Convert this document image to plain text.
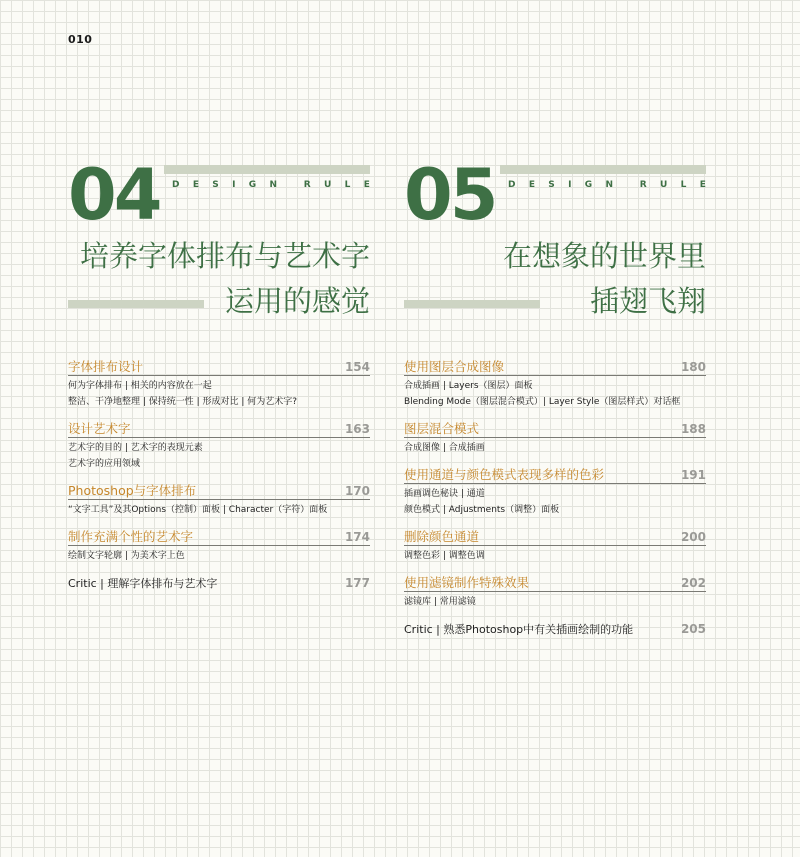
010
04 D E S I G N	R U L E
培养字体排布与艺术字
运用的感觉
05 D E S I G N	R U L E
在想象的世界里
插翅飞翔
字体排布设计	154
何为字体排布 | 相关的内容放在一起
整洁、干净地整理 | 保持统一性 | 形成对比 | 何为艺术字?
设计艺术字	163
艺术字的目的 | 艺术字的表现元素
艺术字的应用领域
Photoshop与字体排布	170
“文字工具”及其Options（控制）面板 | Character（字符）面板
制作充满个性的艺术字	174
绘制文字轮廓 | 为美术字上色
Critic | 理解字体排布与艺术字	177
使用图层合成图像	180
合成插画 | Layers（图层）面板
Blending Mode（图层混合模式）| Layer Style（图层样式）对话框
图层混合模式	188
合成图像 | 合成插画
使用通道与颜色模式表现多样的色彩	191
插画调色秘诀 | 通道
颜色模式 | Adjustments（调整）面板
删除颜色通道	200
调整色彩 | 调整色调
使用滤镜制作特殊效果	202
滤镜库 | 常用滤镜
Critic | 熟悉Photoshop中有关插画绘制的功能	205
